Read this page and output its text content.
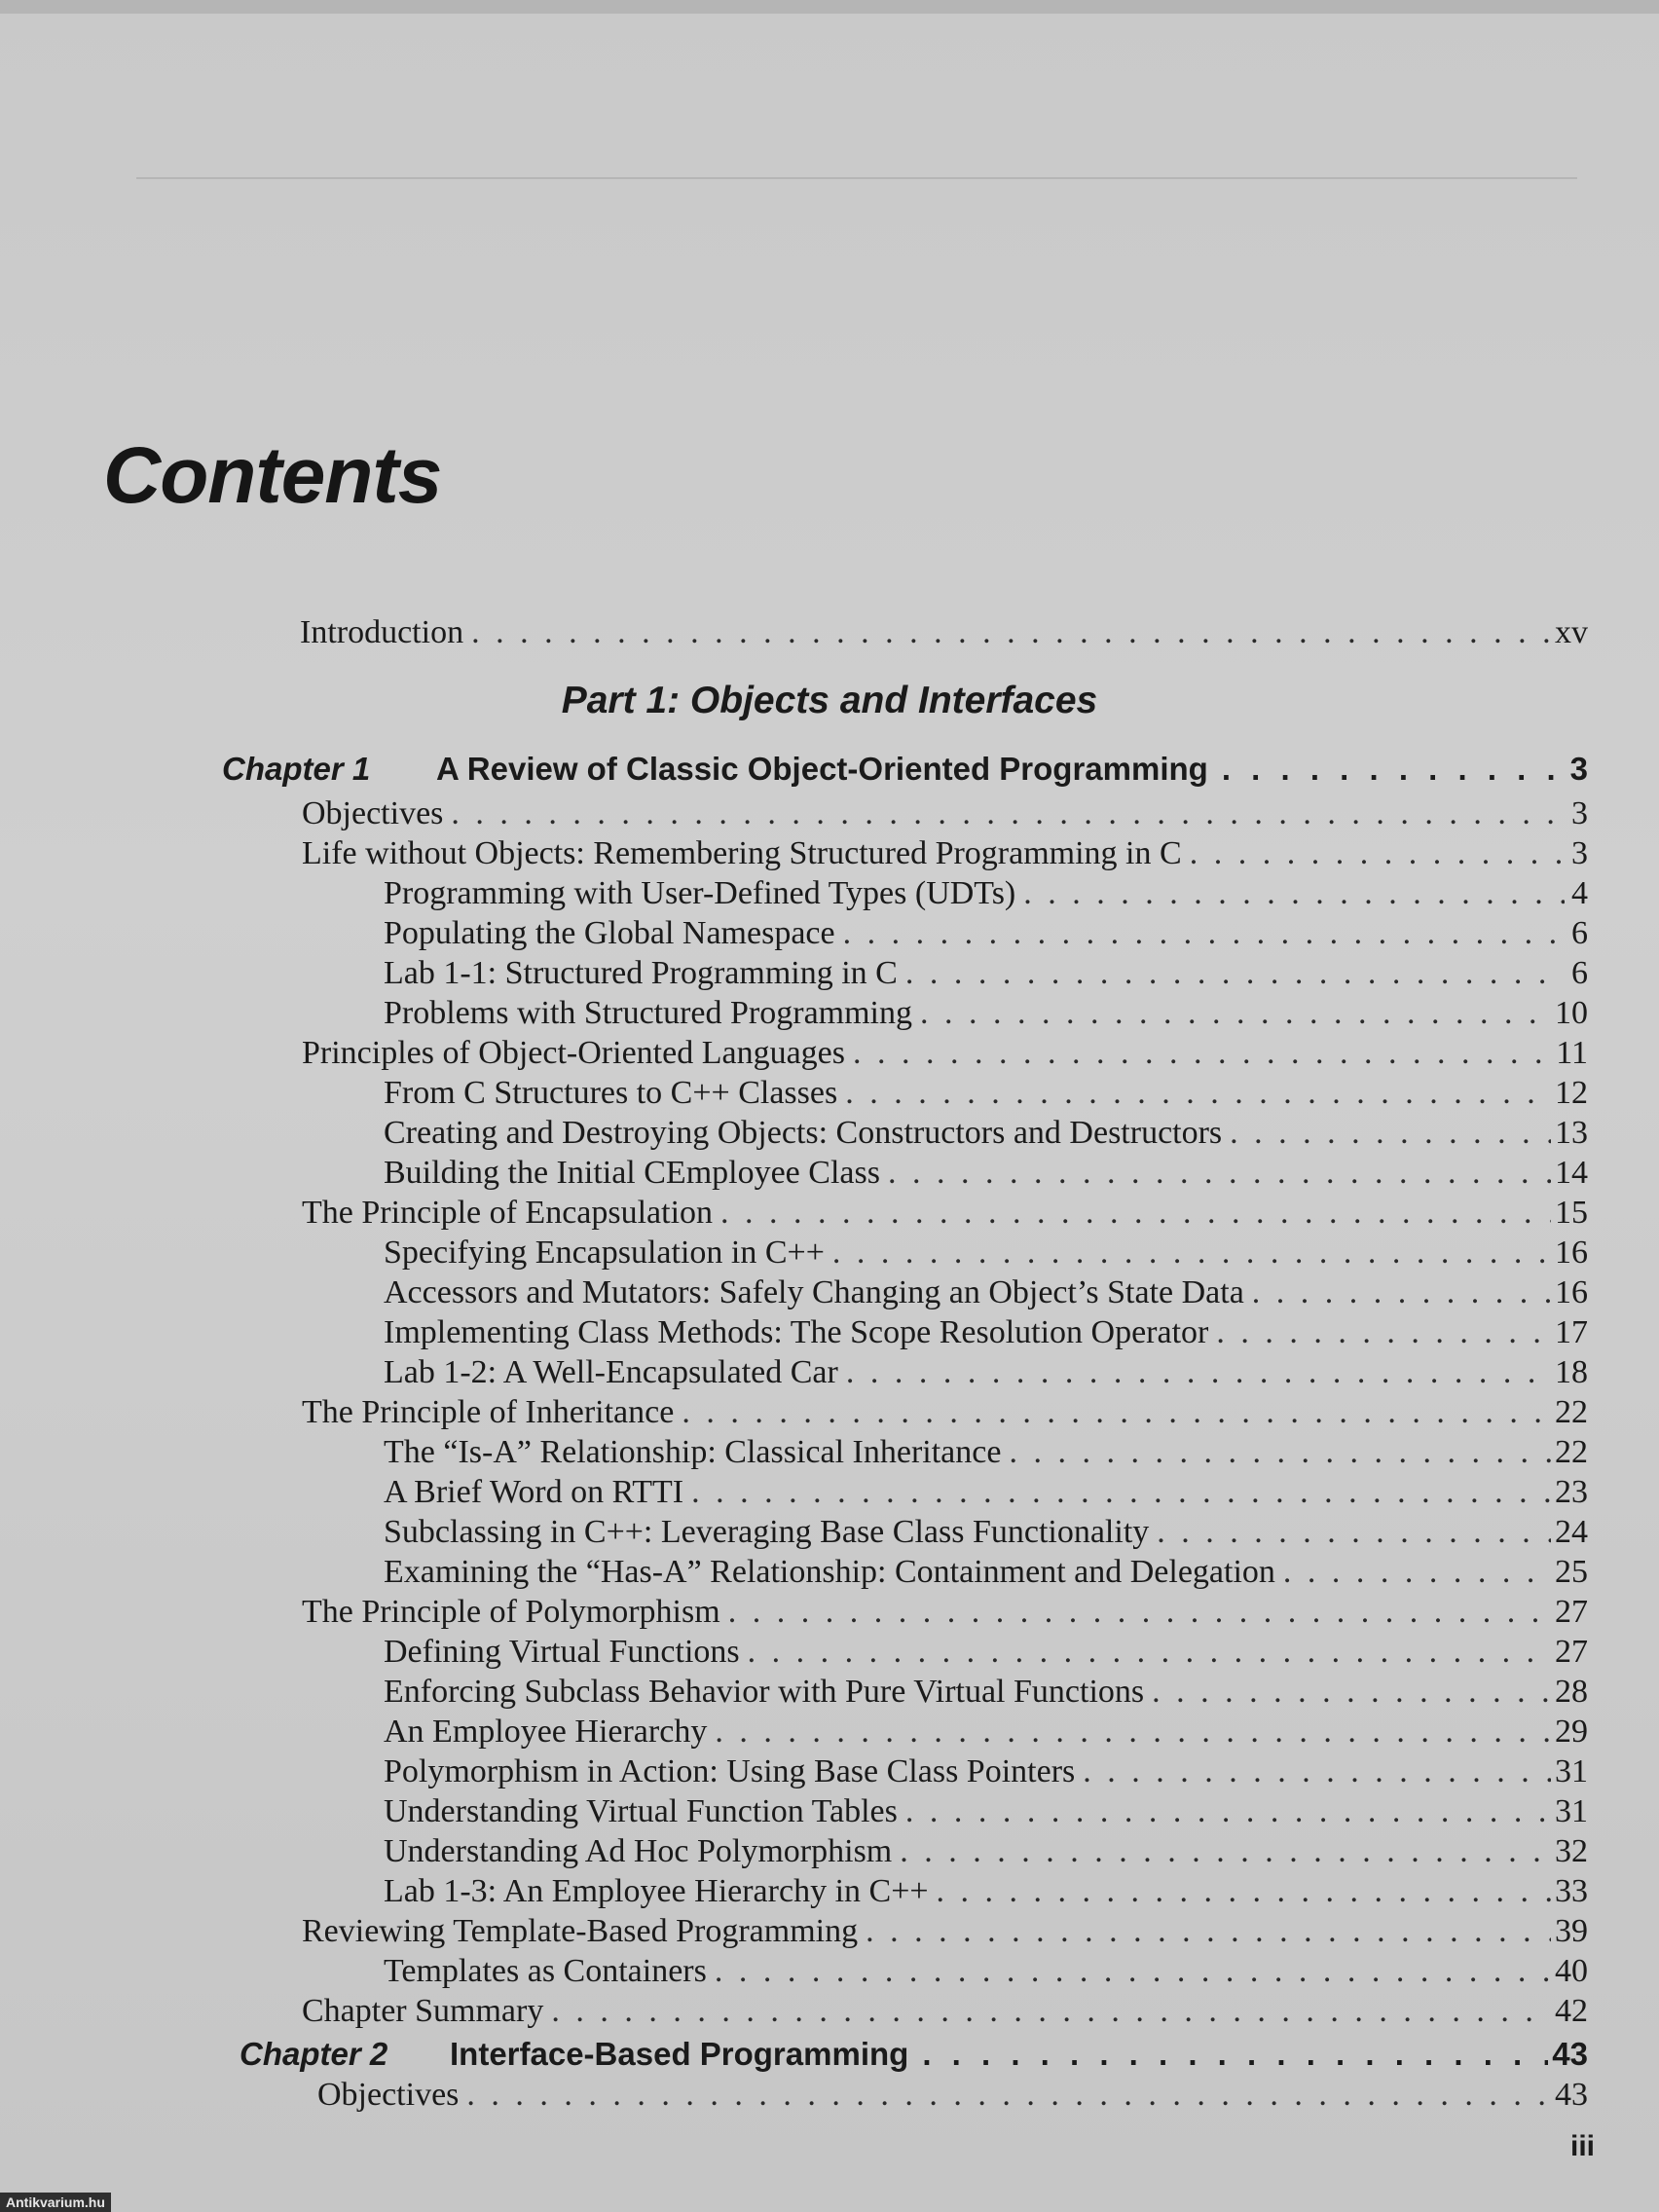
Contents
Introduction . . .	xv
Part 1: Objects and Interfaces
Chapter 1	A Review of Classic Object-Oriented Programming . . .	3
Objectives . . .	3
Life without Objects: Remembering Structured Programming in C . . .	3
Programming with User-Defined Types (UDTs) . . .	4
Populating the Global Namespace . . .	6
Lab 1-1: Structured Programming in C . . .	6
Problems with Structured Programming . . .	10
Principles of Object-Oriented Languages . . .	11
From C Structures to C++ Classes . . .	12
Creating and Destroying Objects: Constructors and Destructors . . .	13
Building the Initial CEmployee Class . . .	14
The Principle of Encapsulation . . .	15
Specifying Encapsulation in C++ . . .	16
Accessors and Mutators: Safely Changing an Object’s State Data . . .	16
Implementing Class Methods: The Scope Resolution Operator . . .	17
Lab 1-2: A Well-Encapsulated Car . . .	18
The Principle of Inheritance . . .	22
The “Is-A” Relationship: Classical Inheritance . . .	22
A Brief Word on RTTI . . .	23
Subclassing in C++: Leveraging Base Class Functionality . . .	24
Examining the “Has-A” Relationship: Containment and Delegation . . .	25
The Principle of Polymorphism . . .	27
Defining Virtual Functions . . .	27
Enforcing Subclass Behavior with Pure Virtual Functions . . .	28
An Employee Hierarchy . . .	29
Polymorphism in Action: Using Base Class Pointers . . .	31
Understanding Virtual Function Tables . . .	31
Understanding Ad Hoc Polymorphism . . .	32
Lab 1-3: An Employee Hierarchy in C++ . . .	33
Reviewing Template-Based Programming . . .	39
Templates as Containers . . .	40
Chapter Summary . . .	42
Chapter 2	Interface-Based Programming . . .	43
Objectives . . .	43

iii

Antikvarium.hu
